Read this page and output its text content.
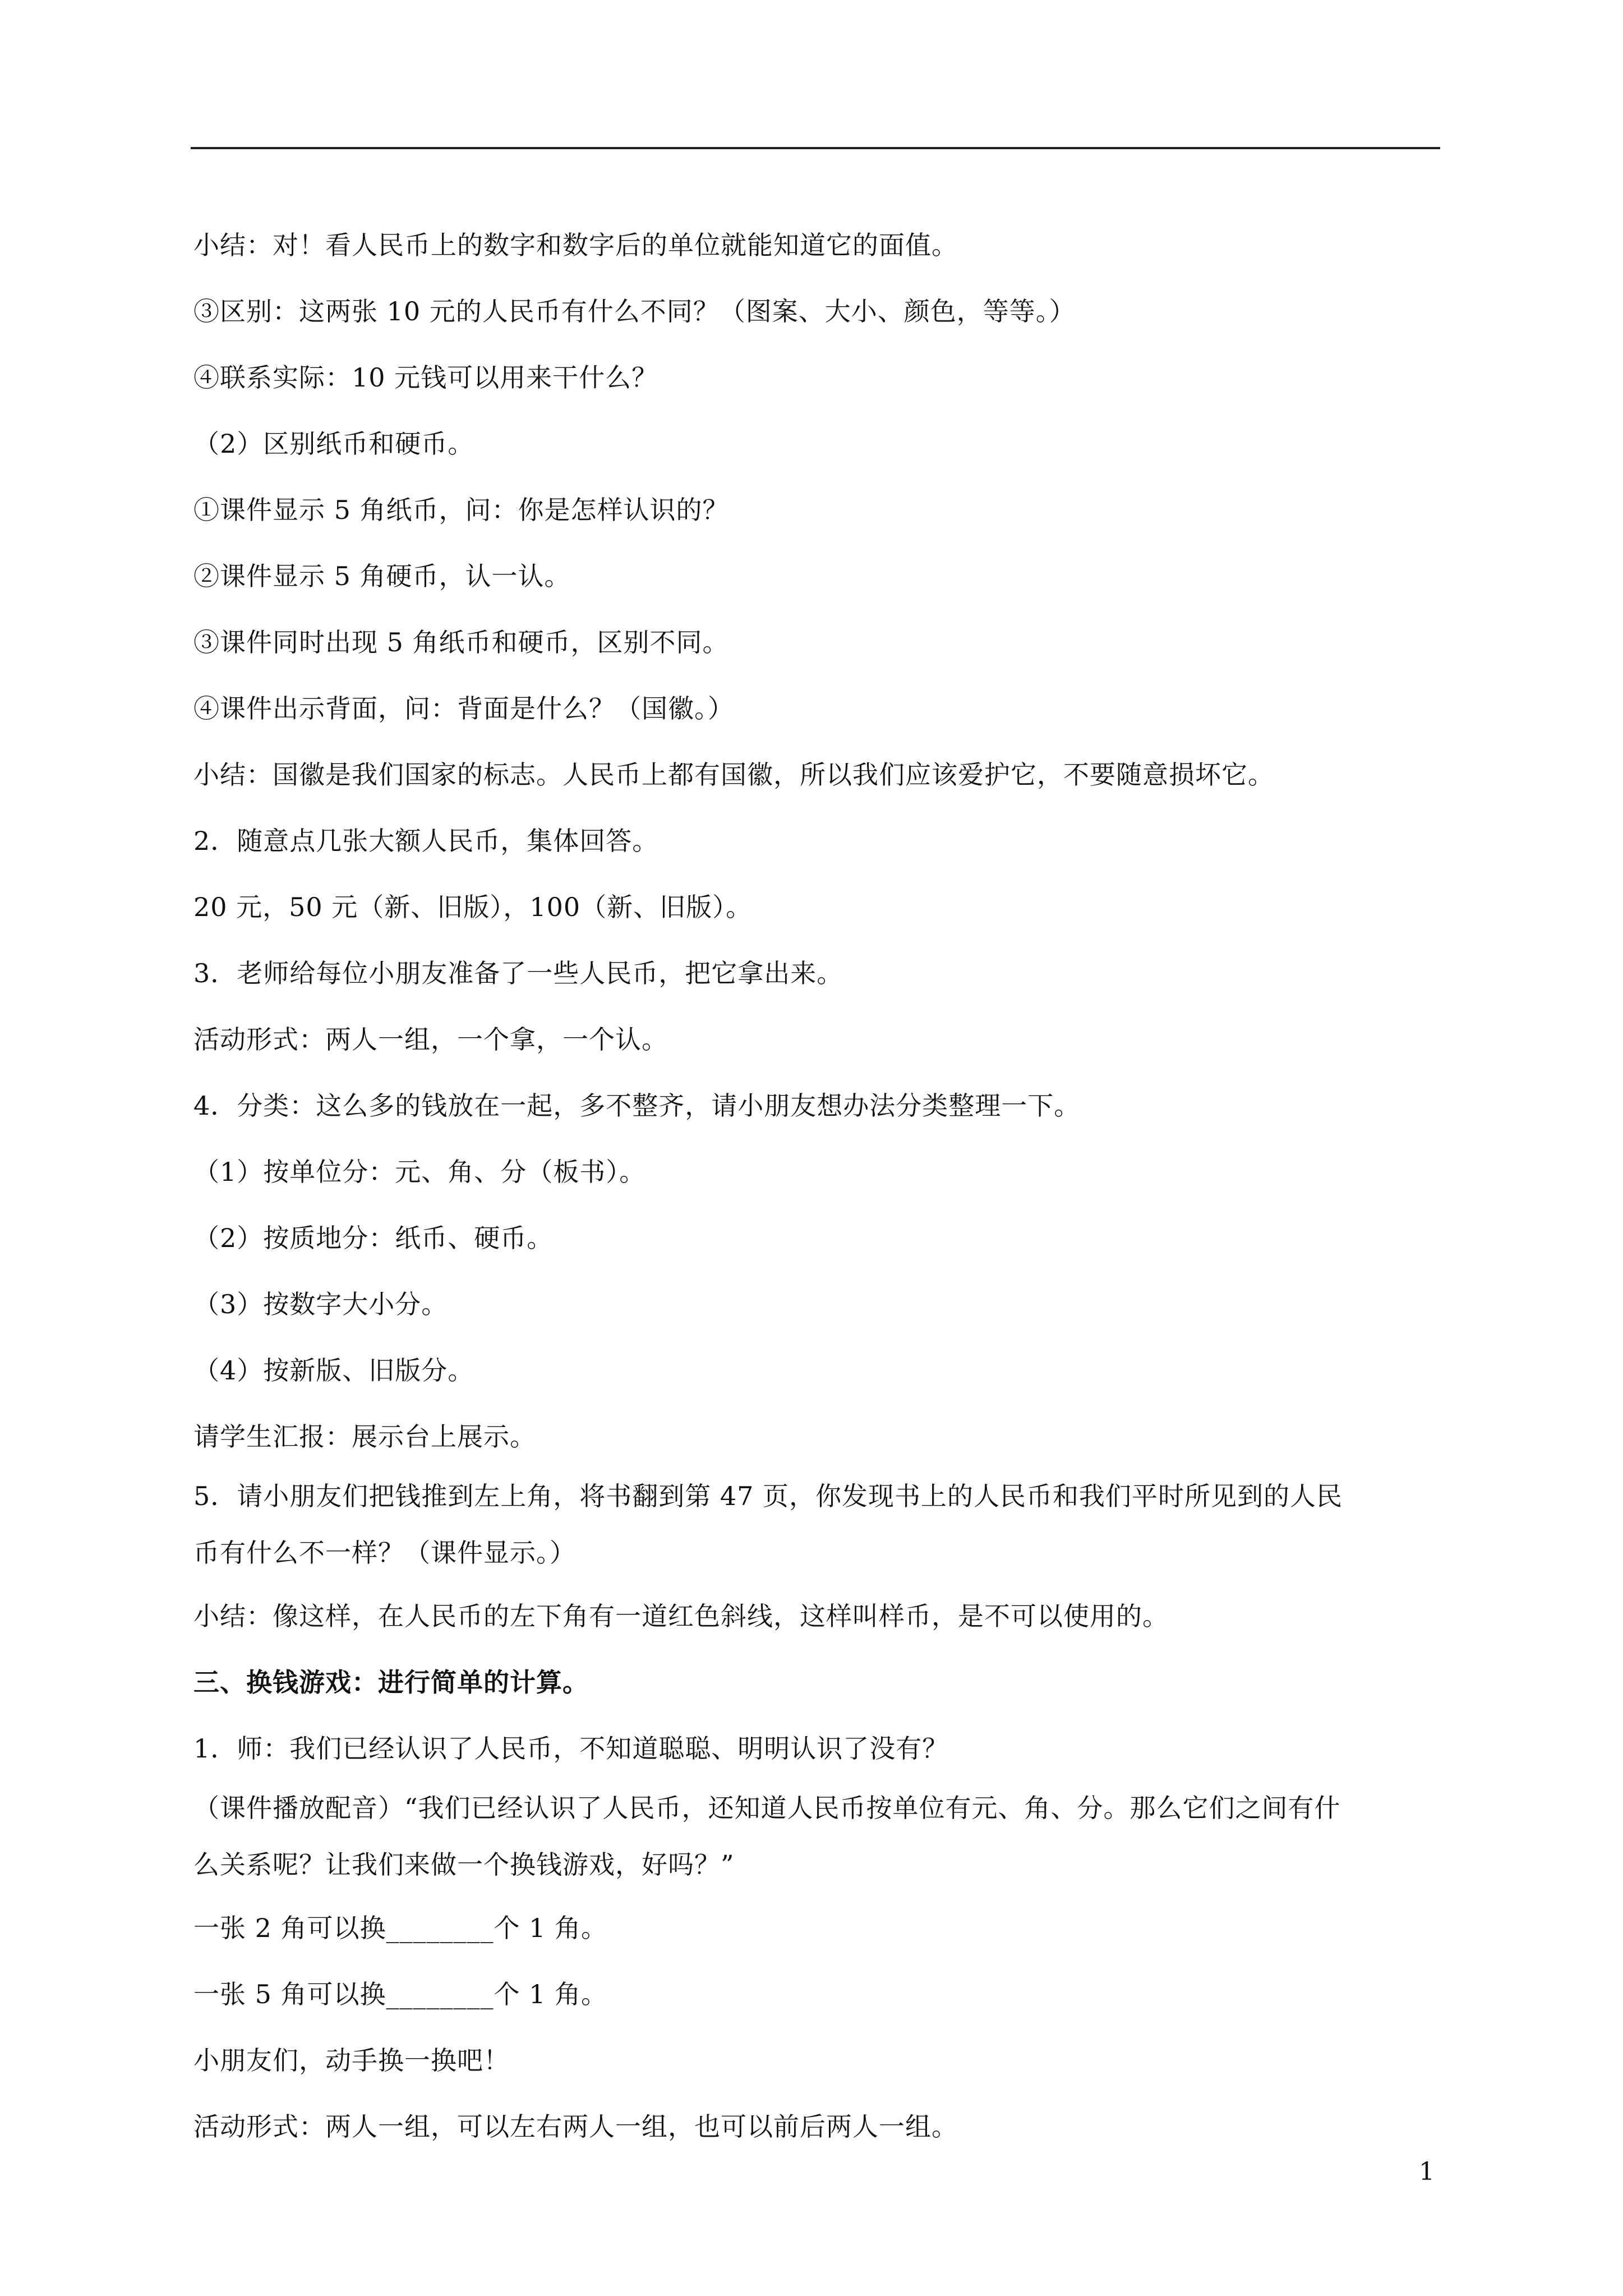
小结：对！看人民币上的数字和数字后的单位就能知道它的面值。
③区别：这两张 10 元的人民币有什么不同？（图案、大小、颜色，等等。）
④联系实际：10 元钱可以用来干什么？
（2）区别纸币和硬币。
①课件显示 5 角纸币，问：你是怎样认识的？
②课件显示 5 角硬币，认一认。
③课件同时出现 5 角纸币和硬币，区别不同。
④课件出示背面，问：背面是什么？（国徽。）
小结：国徽是我们国家的标志。人民币上都有国徽，所以我们应该爱护它，不要随意损坏它。
2．随意点几张大额人民币，集体回答。
20 元，50 元（新、旧版），100（新、旧版）。
3．老师给每位小朋友准备了一些人民币，把它拿出来。
活动形式：两人一组，一个拿，一个认。
4．分类：这么多的钱放在一起，多不整齐，请小朋友想办法分类整理一下。
（1）按单位分：元、角、分（板书）。
（2）按质地分：纸币、硬币。
（3）按数字大小分。
（4）按新版、旧版分。
请学生汇报：展示台上展示。
5．请小朋友们把钱推到左上角，将书翻到第 47 页，你发现书上的人民币和我们平时所见到的人民
币有什么不一样？（课件显示。）
小结：像这样，在人民币的左下角有一道红色斜线，这样叫样币，是不可以使用的。
三、换钱游戏：进行简单的计算。
1．师：我们已经认识了人民币，不知道聪聪、明明认识了没有？
（课件播放配音）“我们已经认识了人民币，还知道人民币按单位有元、角、分。那么它们之间有什
么关系呢？让我们来做一个换钱游戏，好吗？”
一张 2 角可以换________个 1 角。
一张 5 角可以换________个 1 角。
小朋友们，动手换一换吧！
活动形式：两人一组，可以左右两人一组，也可以前后两人一组。
1
